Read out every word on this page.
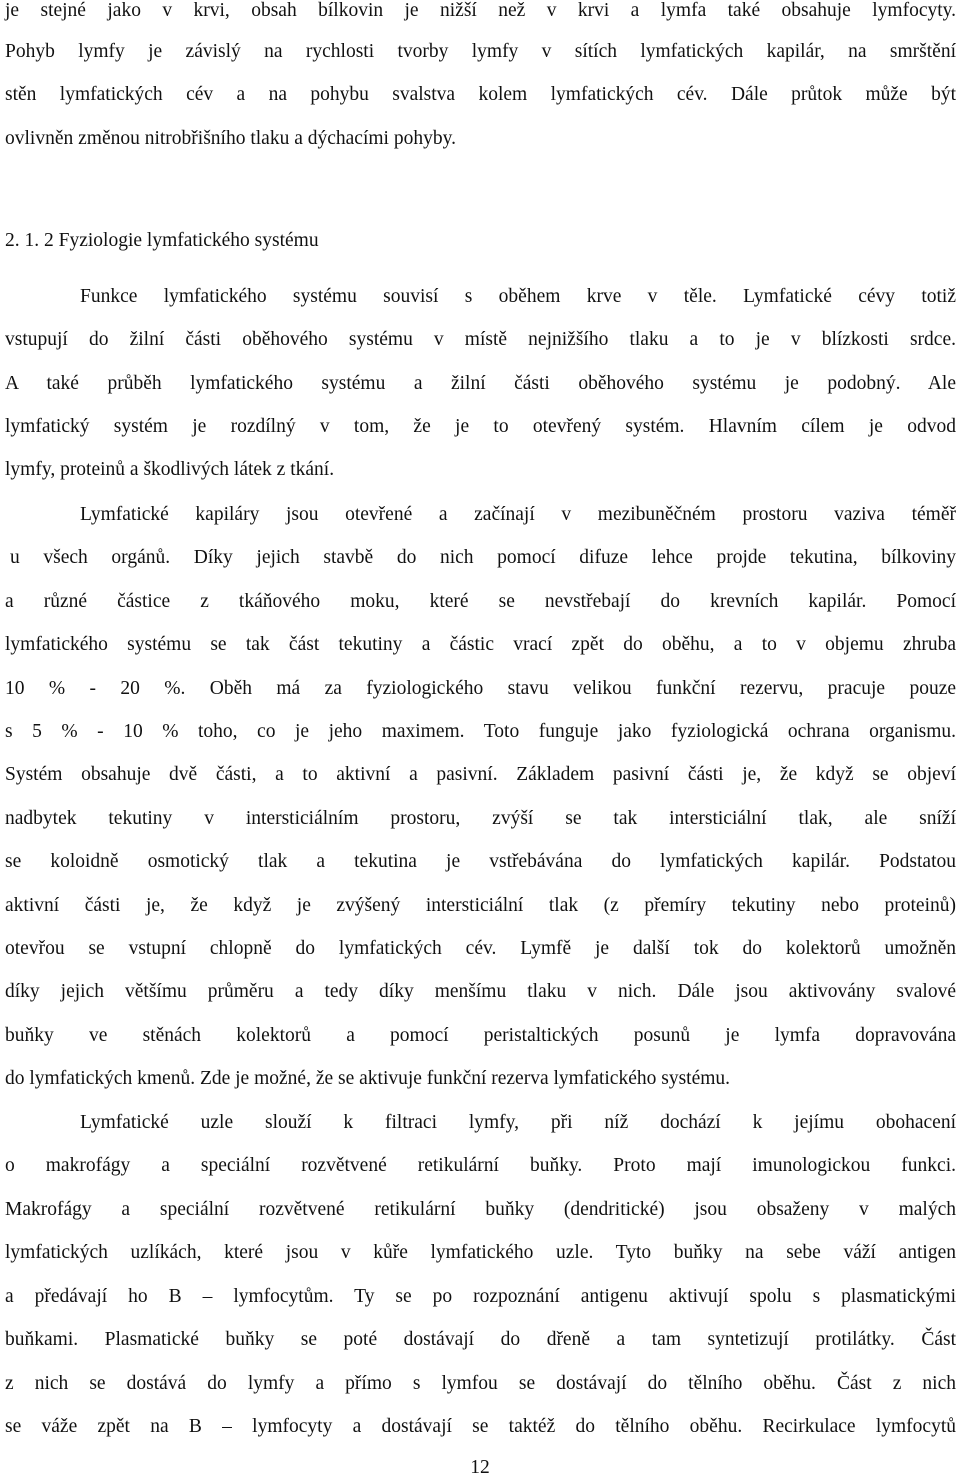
je stejné jako v krvi, obsah bílkovin je nižší než v krvi a lymfa také obsahuje lymfocyty.
Pohyb lymfy je závislý na rychlosti tvorby lymfy v sítích lymfatických kapilár, na smrštění
stěn lymfatických cév a na pohybu svalstva kolem lymfatických cév. Dále průtok může být
ovlivněn změnou nitrobřišního tlaku a dýchacími pohyby.
2. 1. 2 Fyziologie lymfatického systému
Funkce lymfatického systému souvisí s oběhem krve v těle. Lymfatické cévy totiž
vstupují do žilní části oběhového systému v místě nejnižšího tlaku a to je v blízkosti srdce.
A také průběh lymfatického systému a žilní části oběhového systému je podobný. Ale
lymfatický systém je rozdílný v tom, že je to otevřený systém. Hlavním cílem je odvod
lymfy, proteinů a škodlivých látek z tkání.
Lymfatické kapiláry jsou otevřené a začínají v mezibuněčném prostoru vaziva téměř
u všech orgánů. Díky jejich stavbě do nich pomocí difuze lehce projde tekutina, bílkoviny
a různé částice z tkáňového moku, které se nevstřebají do krevních kapilár. Pomocí
lymfatického systému se tak část tekutiny a částic vrací zpět do oběhu, a to v objemu zhruba
10 % - 20 %. Oběh má za fyziologického stavu velikou funkční rezervu, pracuje pouze
s 5 % - 10 % toho, co je jeho maximem. Toto funguje jako fyziologická ochrana organismu.
Systém obsahuje dvě části, a to aktivní a pasivní. Základem pasivní části je, že když se objeví
nadbytek tekutiny v intersticiálním prostoru, zvýší se tak intersticiální tlak, ale sníží
se koloidně osmotický tlak a tekutina je vstřebávána do lymfatických kapilár. Podstatou
aktivní části je, že když je zvýšený intersticiální tlak (z přemíry tekutiny nebo proteinů)
otevřou se vstupní chlopně do lymfatických cév. Lymfě je další tok do kolektorů umožněn
díky jejich většímu průměru a tedy díky menšímu tlaku v nich. Dále jsou aktivovány svalové
buňky ve stěnách kolektorů a pomocí peristaltických posunů je lymfa dopravována
do lymfatických kmenů. Zde je možné, že se aktivuje funkční rezerva lymfatického systému.
Lymfatické uzle slouží k filtraci lymfy, při níž dochází k jejímu obohacení
o makrofágy a speciální rozvětvené retikulární buňky. Proto mají imunologickou funkci.
Makrofágy a speciální rozvětvené retikulární buňky (dendritické) jsou obsaženy v malých
lymfatických uzlíkách, které jsou v kůře lymfatického uzle. Tyto buňky na sebe váží antigen
a předávají ho B – lymfocytům. Ty se po rozpoznání antigenu aktivují spolu s plasmatickými
buňkami. Plasmatické buňky se poté dostávají do dřeně a tam syntetizují protilátky. Část
z nich se dostává do lymfy a přímo s lymfou se dostávají do tělního oběhu. Část z nich
se váže zpět na B – lymfocyty a dostávají se taktéž do tělního oběhu. Recirkulace lymfocytů
12
